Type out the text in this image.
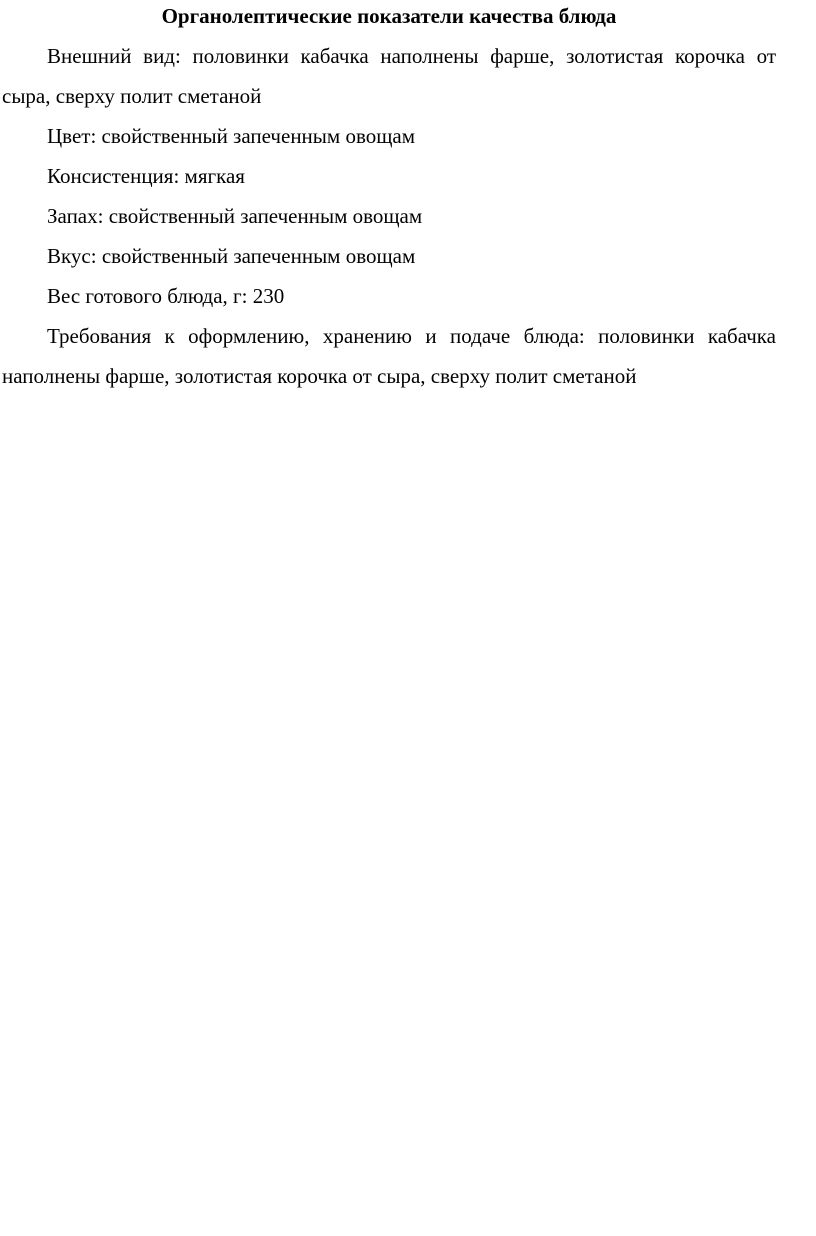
Органолептические показатели качества блюда

Внешний вид: половинки кабачка наполнены фарше, золотистая корочка от сыра, сверху полит сметаной

Цвет: свойственный запеченным овощам

Консистенция: мягкая

Запах: свойственный запеченным овощам

Вкус: свойственный запеченным овощам

Вес готового блюда, г: 230

Требования к оформлению, хранению и подаче блюда: половинки кабачка наполнены фарше, золотистая корочка от сыра, сверху полит сметаной
